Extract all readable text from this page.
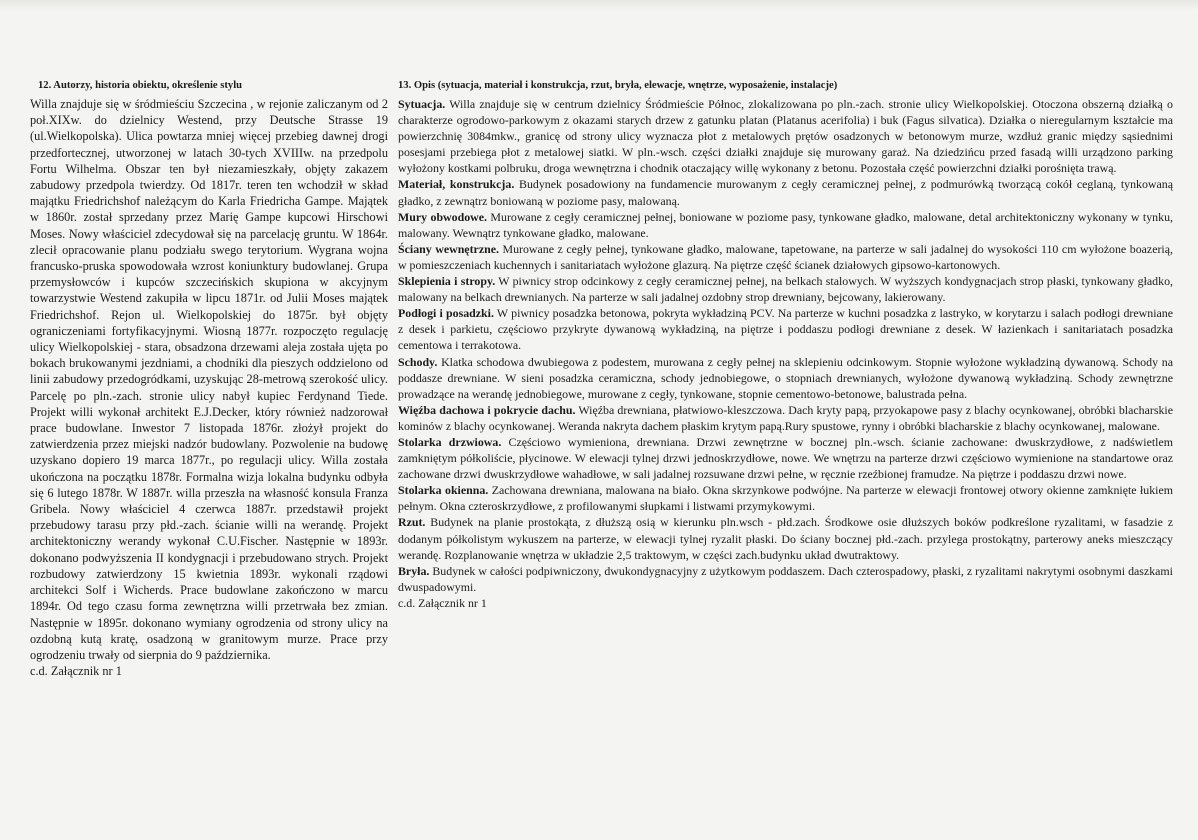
12. Autorzy, historia obiektu, określenie stylu

Willa znajduje się w śródmieściu Szczecina , w rejonie zaliczanym od 2 poł.XIXw. do dzielnicy Westend, przy Deutsche Strasse 19 (ul.Wielkopolska). Ulica powtarza mniej więcej przebieg dawnej drogi przedfortecznej, utworzonej w latach 30-tych XVIIIw. na przedpolu Fortu Wilhelma. Obszar ten był niezamieszkały, objęty zakazem zabudowy przedpola twierdzy. Od 1817r. teren ten wchodził w skład majątku Friedrichshof należącym do Karla Friedricha Gampe. Majątek w 1860r. został sprzedany przez Marię Gampe kupcowi Hirschowi Moses. Nowy właściciel zdecydował się na parcelację gruntu. W 1864r. zlecił opracowanie planu podziału swego terytorium. Wygrana wojna francusko-pruska spowodowała wzrost koniunktury budowlanej. Grupa przemysłowców i kupców szczecińskich skupiona w akcyjnym towarzystwie Westend zakupiła w lipcu 1871r. od Julii Moses majątek Friedrichshof. Rejon ul. Wielkopolskiej do 1875r. był objęty ograniczeniami fortyfikacyjnymi. Wiosną 1877r. rozpoczęto regulację ulicy Wielkopolskiej - stara, obsadzona drzewami aleja została ujęta po bokach brukowanymi jezdniami, a chodniki dla pieszych oddzielono od linii zabudowy przedogródkami, uzyskując 28-metrową szerokość ulicy. Parcelę po pln.-zach. stronie ulicy nabył kupiec Ferdynand Tiede. Projekt willi wykonał architekt E.J.Decker, który również nadzorował prace budowlane. Inwestor 7 listopada 1876r. złożył projekt do zatwierdzenia przez miejski nadzór budowlany. Pozwolenie na budowę uzyskano dopiero 19 marca 1877r., po regulacji ulicy. Willa została ukończona na początku 1878r. Formalna wizja lokalna budynku odbyła się 6 lutego 1878r. W 1887r. willa przeszła na własność konsula Franza Gribela. Nowy właściciel 4 czerwca 1887r. przedstawił projekt przebudowy tarasu przy płd.-zach. ścianie willi na werandę. Projekt architektoniczny werandy wykonał C.U.Fischer. Następnie w 1893r. dokonano podwyższenia II kondygnacji i przebudowano strych. Projekt rozbudowy zatwierdzony 15 kwietnia 1893r. wykonali rządowi architekci Solf i Wicherds. Prace budowlane zakończono w marcu 1894r. Od tego czasu forma zewnętrzna willi przetrwała bez zmian. Następnie w 1895r. dokonano wymiany ogrodzenia od strony ulicy na ozdobną kutą kratę, osadzoną w granitowym murze. Prace przy ogrodzeniu trwały od sierpnia do 9 października.

c.d. Załącznik nr 1

13. Opis (sytuacja, materiał i konstrukcja, rzut, bryła, elewacje, wnętrze, wyposażenie, instalacje)

Sytuacja. Willa znajduje się w centrum dzielnicy Śródmieście Północ, zlokalizowana po pln.-zach. stronie ulicy Wielkopolskiej. Otoczona obszerną działką o charakterze ogrodowo-parkowym z okazami starych drzew z gatunku platan (Platanus acerifolia) i buk (Fagus silvatica). Działka o nieregularnym kształcie ma powierzchnię 3084mkw., granicę od strony ulicy wyznacza płot z metalowych prętów osadzonych w betonowym murze, wzdłuż granic między sąsiednimi posesjami przebiega płot z metalowej siatki. W pln.-wsch. części działki znajduje się murowany garaż. Na dziedzińcu przed fasadą willi urządzono parking wyłożony kostkami polbruku, droga wewnętrzna i chodnik otaczający willę wykonany z betonu. Pozostała część powierzchni działki porośnięta trawą.

Materiał, konstrukcja. Budynek posadowiony na fundamencie murowanym z cegły ceramicznej pełnej, z podmurówką tworzącą cokół ceglaną, tynkowaną gładko, z zewnątrz boniowaną w poziome pasy, malowaną.

Mury obwodowe. Murowane z cegły ceramicznej pełnej, boniowane w poziome pasy, tynkowane gładko, malowane, detal architektoniczny wykonany w tynku, malowany. Wewnątrz tynkowane gładko, malowane.

Ściany wewnętrzne. Murowane z cegły pełnej, tynkowane gładko, malowane, tapetowane, na parterze w sali jadalnej do wysokości 110 cm wyłożone boazerią, w pomieszczeniach kuchennych i sanitariatach wyłożone glazurą. Na piętrze część ścianek działowych gipsowo-kartonowych.

Sklepienia i stropy. W piwnicy strop odcinkowy z cegły ceramicznej pełnej, na belkach stalowych. W wyższych kondygnacjach strop płaski, tynkowany gładko, malowany na belkach drewnianych. Na parterze w sali jadalnej ozdobny strop drewniany, bejcowany, lakierowany.

Podłogi i posadzki. W piwnicy posadzka betonowa, pokryta wykładziną PCV. Na parterze w kuchni posadzka z lastryko, w korytarzu i salach podłogi drewniane z desek i parkietu, częściowo przykryte dywanową wykładziną, na piętrze i poddaszu podłogi drewniane z desek. W łazienkach i sanitariatach posadzka cementowa i terrakotowa.

Schody. Klatka schodowa dwubiegowa z podestem, murowana z cegły pełnej na sklepieniu odcinkowym. Stopnie wyłożone wykładziną dywanową. Schody na poddasze drewniane. W sieni posadzka ceramiczna, schody jednobiegowe, o stopniach drewnianych, wyłożone dywanową wykładziną. Schody zewnętrzne prowadzące na werandę jednobiegowe, murowane z cegły, tynkowane, stopnie cementowo-betonowe, balustrada pełna.

Więźba dachowa i pokrycie dachu. Więźba drewniana, płatwiowo-kleszczowa. Dach kryty papą, przyokapowe pasy z blachy ocynkowanej, obróbki blacharskie kominów z blachy ocynkowanej. Weranda nakryta dachem płaskim krytym papą.Rury spustowe, rynny i obróbki blacharskie z blachy ocynkowanej, malowane.

Stolarka drzwiowa. Częściowo wymieniona, drewniana. Drzwi zewnętrzne w bocznej pln.-wsch. ścianie zachowane: dwuskrzydłowe, z nadświetlem zamkniętym półkoliście, płycinowe. W elewacji tylnej drzwi jednoskrzydłowe, nowe. We wnętrzu na parterze drzwi częściowo wymienione na standartowe oraz zachowane drzwi dwuskrzydłowe wahadłowe, w sali jadalnej rozsuwane drzwi pełne, w ręcznie rzeźbionej framudze. Na piętrze i poddaszu drzwi nowe.

Stolarka okienna. Zachowana drewniana, malowana na biało. Okna skrzynkowe podwójne. Na parterze w elewacji frontowej otwory okienne zamknięte łukiem pełnym. Okna czteroskrzydłowe, z profilowanymi słupkami i listwami przymykowymi.

Rzut. Budynek na planie prostokąta, z dłuższą osią w kierunku pln.wsch - płd.zach. Środkowe osie dłuższych boków podkreślone ryzalitami, w fasadzie z dodanym półkolistym wykuszem na parterze, w elewacji tylnej ryzalit płaski. Do ściany bocznej płd.-zach. przylega prostokątny, parterowy aneks mieszczący werandę. Rozplanowanie wnętrza w układzie 2,5 traktowym, w części zach.budynku układ dwutraktowy.

Bryła. Budynek w całości podpiwniczony, dwukondygnacyjny z użytkowym poddaszem. Dach czterospadowy, płaski, z ryzalitami nakrytymi osobnymi daszkami dwuspadowymi.

c.d. Załącznik nr 1
